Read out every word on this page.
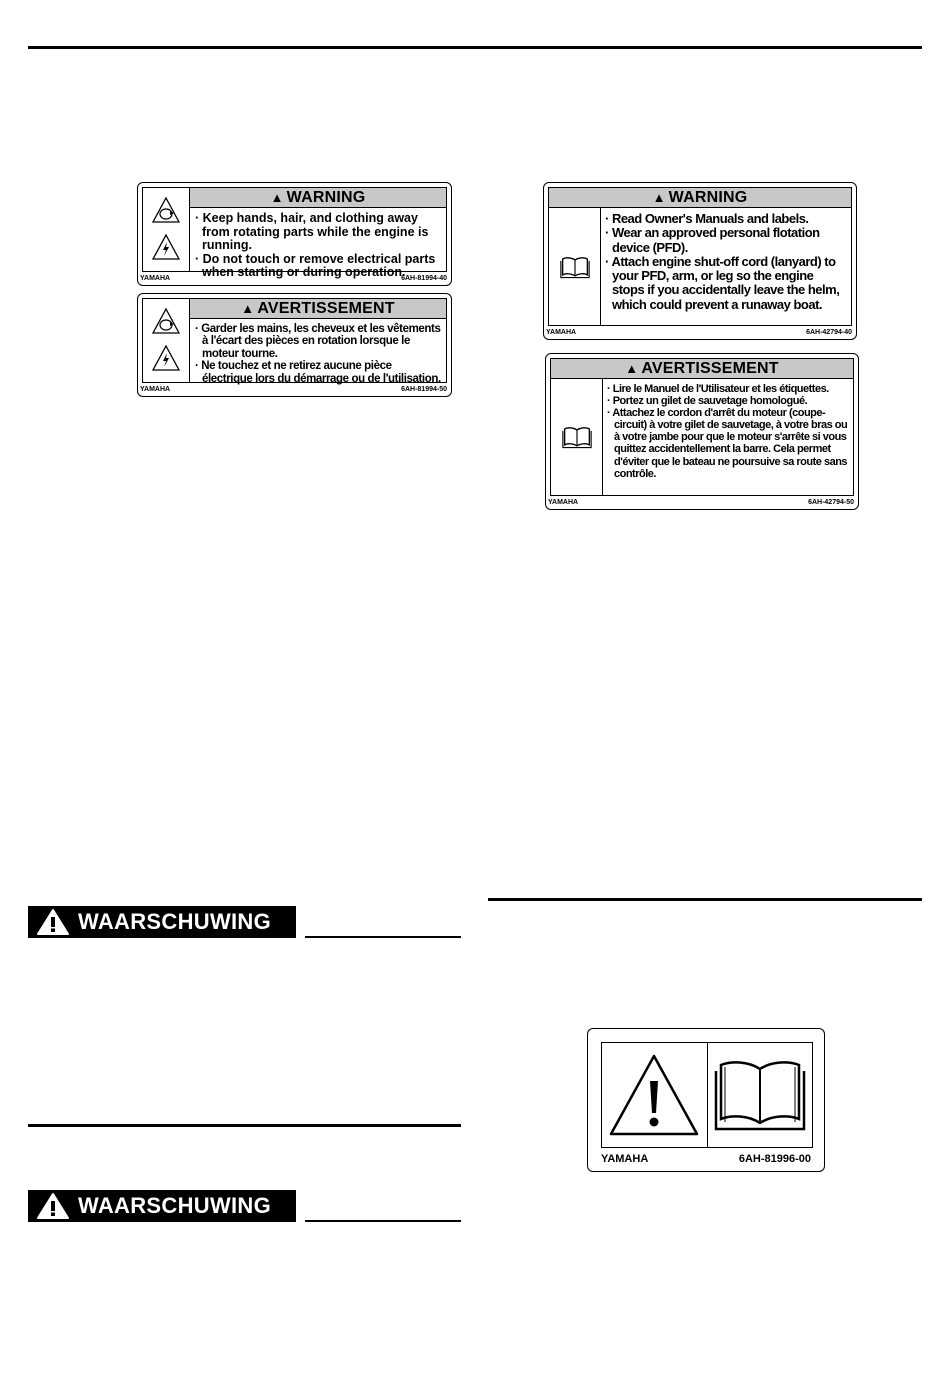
▲ WARNING

· Keep hands, hair, and clothing away from rotating parts while the engine is running.

· Do not touch or remove electrical parts when starting or during operation.

YAMAHA	6AH-81994-40
▲ AVERTISSEMENT

· Garder les mains, les cheveux et les vêtements à l'écart des pièces en rotation lorsque le moteur tourne.

· Ne touchez et ne retirez aucune pièce électrique lors du démarrage ou de l'utilisation.

YAMAHA	6AH-81994-50
▲ WARNING

· Read Owner's Manuals and labels.

· Wear an approved personal flotation device (PFD).

· Attach engine shut-off cord (lanyard) to your PFD, arm, or leg so the engine stops if you accidentally leave the helm, which could prevent a runaway boat.

YAMAHA	6AH-42794-40
▲ AVERTISSEMENT

· Lire le Manuel de l'Utilisateur et les étiquettes.

· Portez un gilet de sauvetage homologué.

· Attachez le cordon d'arrêt du moteur (coupe-circuit) à votre gilet de sauvetage, à votre bras ou à votre jambe pour que le moteur s'arrête si vous quittez accidentellement la barre. Cela permet d'éviter que le bateau ne poursuive sa route sans contrôle.

YAMAHA	6AH-42794-50
YAMAHA	6AH-81996-00
WAARSCHUWING
WAARSCHUWING
